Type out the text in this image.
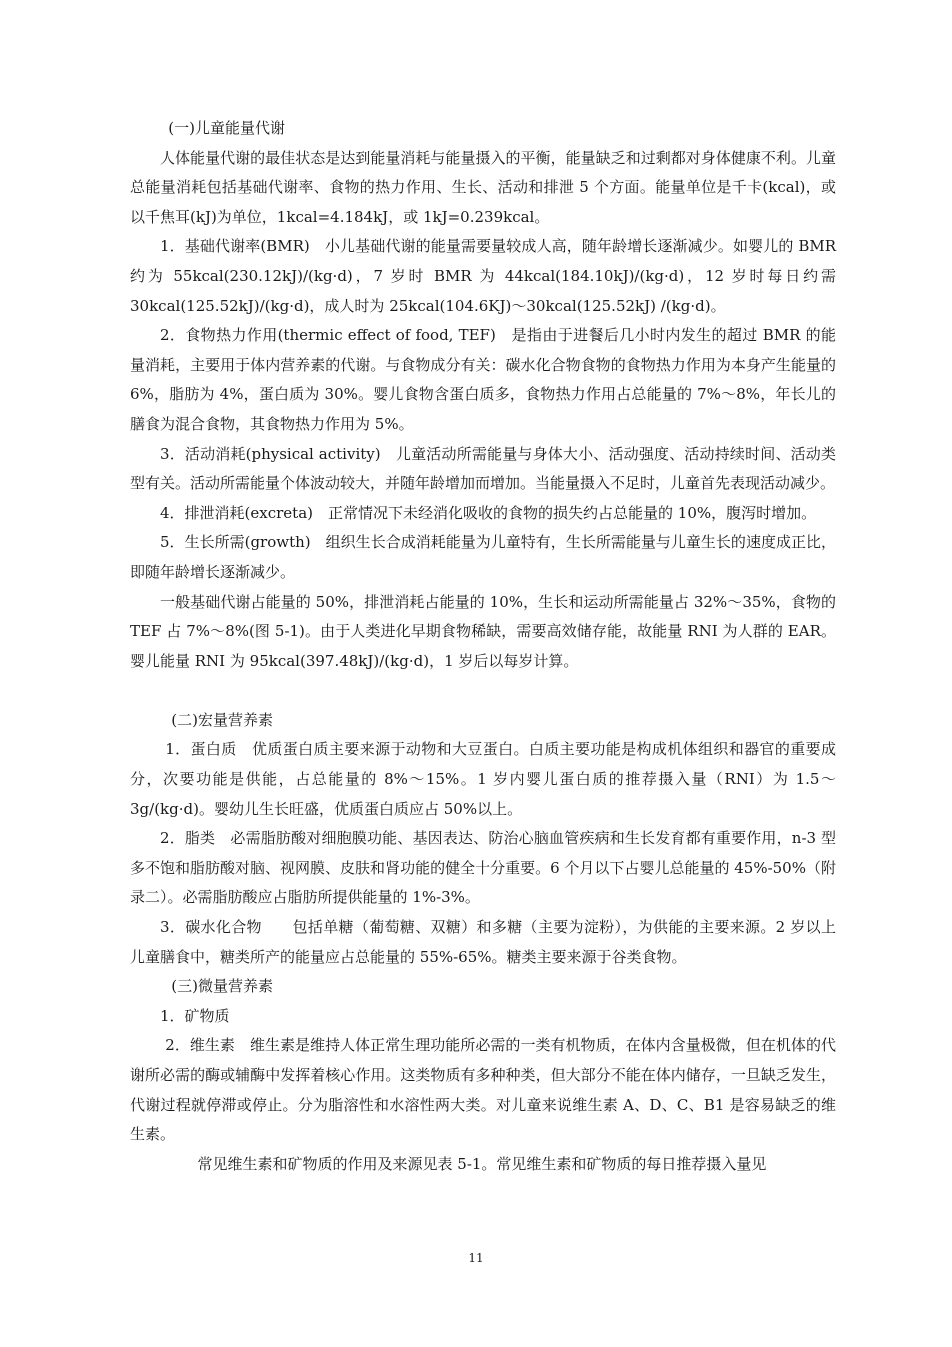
(一)儿童能量代谢

人体能量代谢的最佳状态是达到能量消耗与能量摄入的平衡，能量缺乏和过剩都对身体健康不利。儿童总能量消耗包括基础代谢率、食物的热力作用、生长、活动和排泄 5 个方面。能量单位是千卡(kcal)，或以千焦耳(kJ)为单位，1kcal=4.184kJ，或 1kJ=0.239kcal。

1．基础代谢率(BMR)　小儿基础代谢的能量需要量较成人高，随年龄增长逐渐减少。如婴儿的 BMR 约为 55kcal(230.12kJ)/(kg·d)，7 岁时 BMR 为 44kcal(184.10kJ)/(kg·d)，12 岁时每日约需 30kcal(125.52kJ)/(kg·d)，成人时为 25kcal(104.6KJ)～30kcal(125.52kJ) /(kg·d)。

2．食物热力作用(thermic effect of food, TEF)　是指由于进餐后几小时内发生的超过 BMR 的能量消耗，主要用于体内营养素的代谢。与食物成分有关：碳水化合物食物的食物热力作用为本身产生能量的 6%，脂肪为 4%，蛋白质为 30%。婴儿食物含蛋白质多，食物热力作用占总能量的 7%～8%，年长儿的膳食为混合食物，其食物热力作用为 5%。

3．活动消耗(physical activity)　儿童活动所需能量与身体大小、活动强度、活动持续时间、活动类型有关。活动所需能量个体波动较大，并随年龄增加而增加。当能量摄入不足时，儿童首先表现活动减少。

4．排泄消耗(excreta)　正常情况下未经消化吸收的食物的损失约占总能量的 10%，腹泻时增加。

5．生长所需(growth)　组织生长合成消耗能量为儿童特有，生长所需能量与儿童生长的速度成正比，即随年龄增长逐渐减少。

一般基础代谢占能量的 50%，排泄消耗占能量的 10%，生长和运动所需能量占 32%～35%，食物的 TEF 占 7%～8%(图 5-1)。由于人类进化早期食物稀缺，需要高效储存能，故能量 RNI 为人群的 EAR。婴儿能量 RNI 为 95kcal(397.48kJ)/(kg·d)，1 岁后以每岁计算。

(二)宏量营养素

1．蛋白质　优质蛋白质主要来源于动物和大豆蛋白。白质主要功能是构成机体组织和器官的重要成分，次要功能是供能，占总能量的 8%～15%。1 岁内婴儿蛋白质的推荐摄入量（RNI）为 1.5～3g/(kg·d)。婴幼儿生长旺盛，优质蛋白质应占 50%以上。

2．脂类　必需脂肪酸对细胞膜功能、基因表达、防治心脑血管疾病和生长发育都有重要作用，n-3 型多不饱和脂肪酸对脑、视网膜、皮肤和肾功能的健全十分重要。6 个月以下占婴儿总能量的 45%-50%（附录二）。必需脂肪酸应占脂肪所提供能量的 1%-3%。

3．碳水化合物　　包括单糖（葡萄糖、双糖）和多糖（主要为淀粉），为供能的主要来源。2 岁以上儿童膳食中，糖类所产的能量应占总能量的 55%-65%。糖类主要来源于谷类食物。

(三)微量营养素

1．矿物质

2．维生素　维生素是维持人体正常生理功能所必需的一类有机物质，在体内含量极微，但在机体的代谢所必需的酶或辅酶中发挥着核心作用。这类物质有多种种类，但大部分不能在体内储存，一旦缺乏发生，代谢过程就停滞或停止。分为脂溶性和水溶性两大类。对儿童来说维生素 A、D、C、B1 是容易缺乏的维生素。

常见维生素和矿物质的作用及来源见表 5-1。常见维生素和矿物质的每日推荐摄入量见

11
